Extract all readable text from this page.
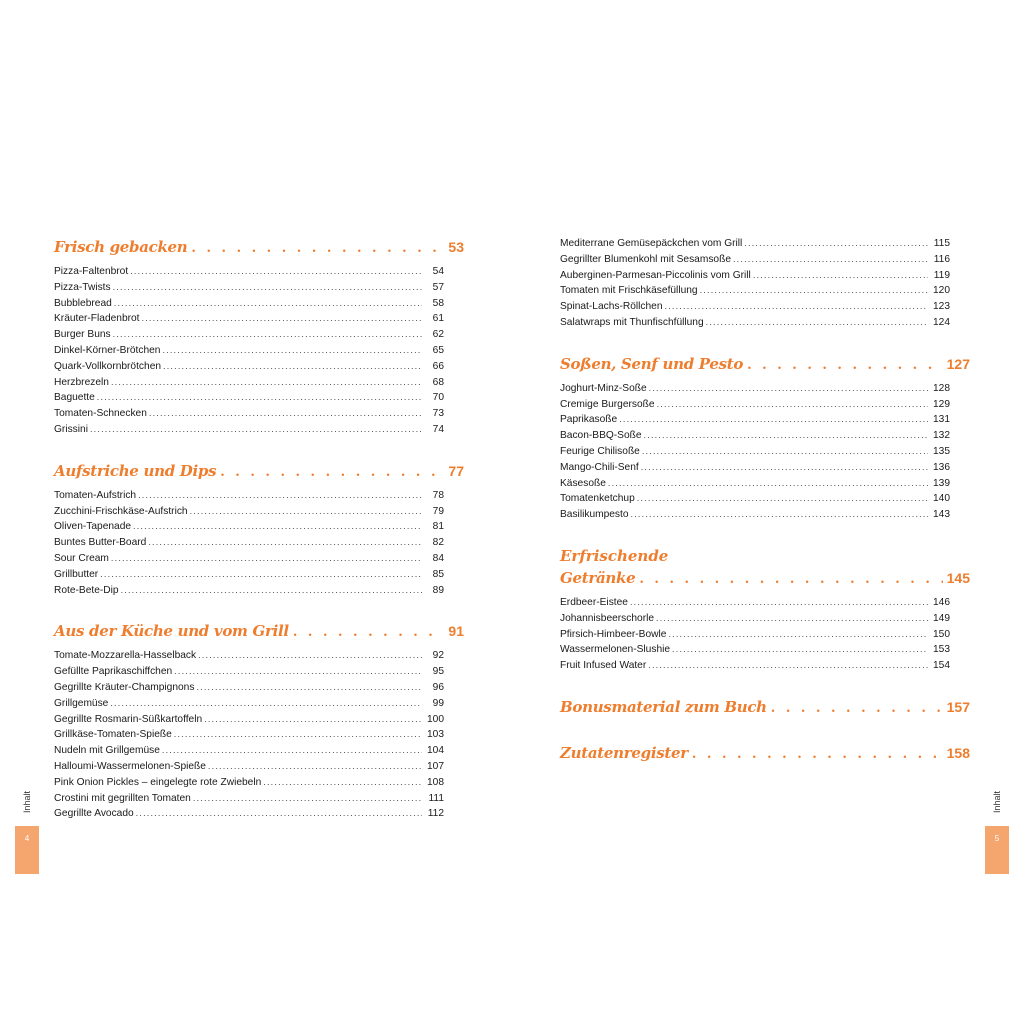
Frisch gebacken . . .	53
Pizza-Faltenbrot .....	54
Pizza-Twists .....	57
Bubblebread .....	58
Kräuter-Fladenbrot .....	61
Burger Buns .....	62
Dinkel-Körner-Brötchen .....	65
Quark-Vollkornbrötchen .....	66
Herzbrezeln .....	68
Baguette .....	70
Tomaten-Schnecken .....	73
Grissini .....	74
Aufstriche und Dips . . .	77
Tomaten-Aufstrich .....	78
Zucchini-Frischkäse-Aufstrich .....	79
Oliven-Tapenade .....	81
Buntes Butter-Board .....	82
Sour Cream .....	84
Grillbutter .....	85
Rote-Bete-Dip .....	89
Aus der Küche und vom Grill . . .	91
Tomate-Mozzarella-Hasselback .....	92
Gefüllte Paprikaschiffchen .....	95
Gegrillte Kräuter-Champignons .....	96
Grillgemüse .....	99
Gegrillte Rosmarin-Süßkartoffeln .....	100
Grillkäse-Tomaten-Spieße .....	103
Nudeln mit Grillgemüse .....	104
Halloumi-Wassermelonen-Spieße .....	107
Pink Onion Pickles – eingelegte rote Zwiebeln .....	108
Crostini mit gegrillten Tomaten .....	111
Gegrillte Avocado .....	112
Mediterrane Gemüsepäckchen vom Grill .....	115
Gegrillter Blumenkohl mit Sesamsoße .....	116
Auberginen-Parmesan-Piccolinis vom Grill .....	119
Tomaten mit Frischkäsefüllung .....	120
Spinat-Lachs-Röllchen .....	123
Salatwraps mit Thunfischfüllung .....	124
Soßen, Senf und Pesto . . .	127
Joghurt-Minz-Soße .....	128
Cremige Burgersoße .....	129
Paprikasoße .....	131
Bacon-BBQ-Soße .....	132
Feurige Chilisoße .....	135
Mango-Chili-Senf .....	136
Käsesoße .....	139
Tomatenketchup .....	140
Basilikumpesto .....	143
Erfrischende
Getränke . . .	145
Erdbeer-Eistee .....	146
Johannisbeerschorle .....	149
Pfirsich-Himbeer-Bowle .....	150
Wassermelonen-Slushie .....	153
Fruit Infused Water .....	154
Bonusmaterial zum Buch . . .	157
Zutatenregister . . .	158
Inhalt
4
Inhalt
5
